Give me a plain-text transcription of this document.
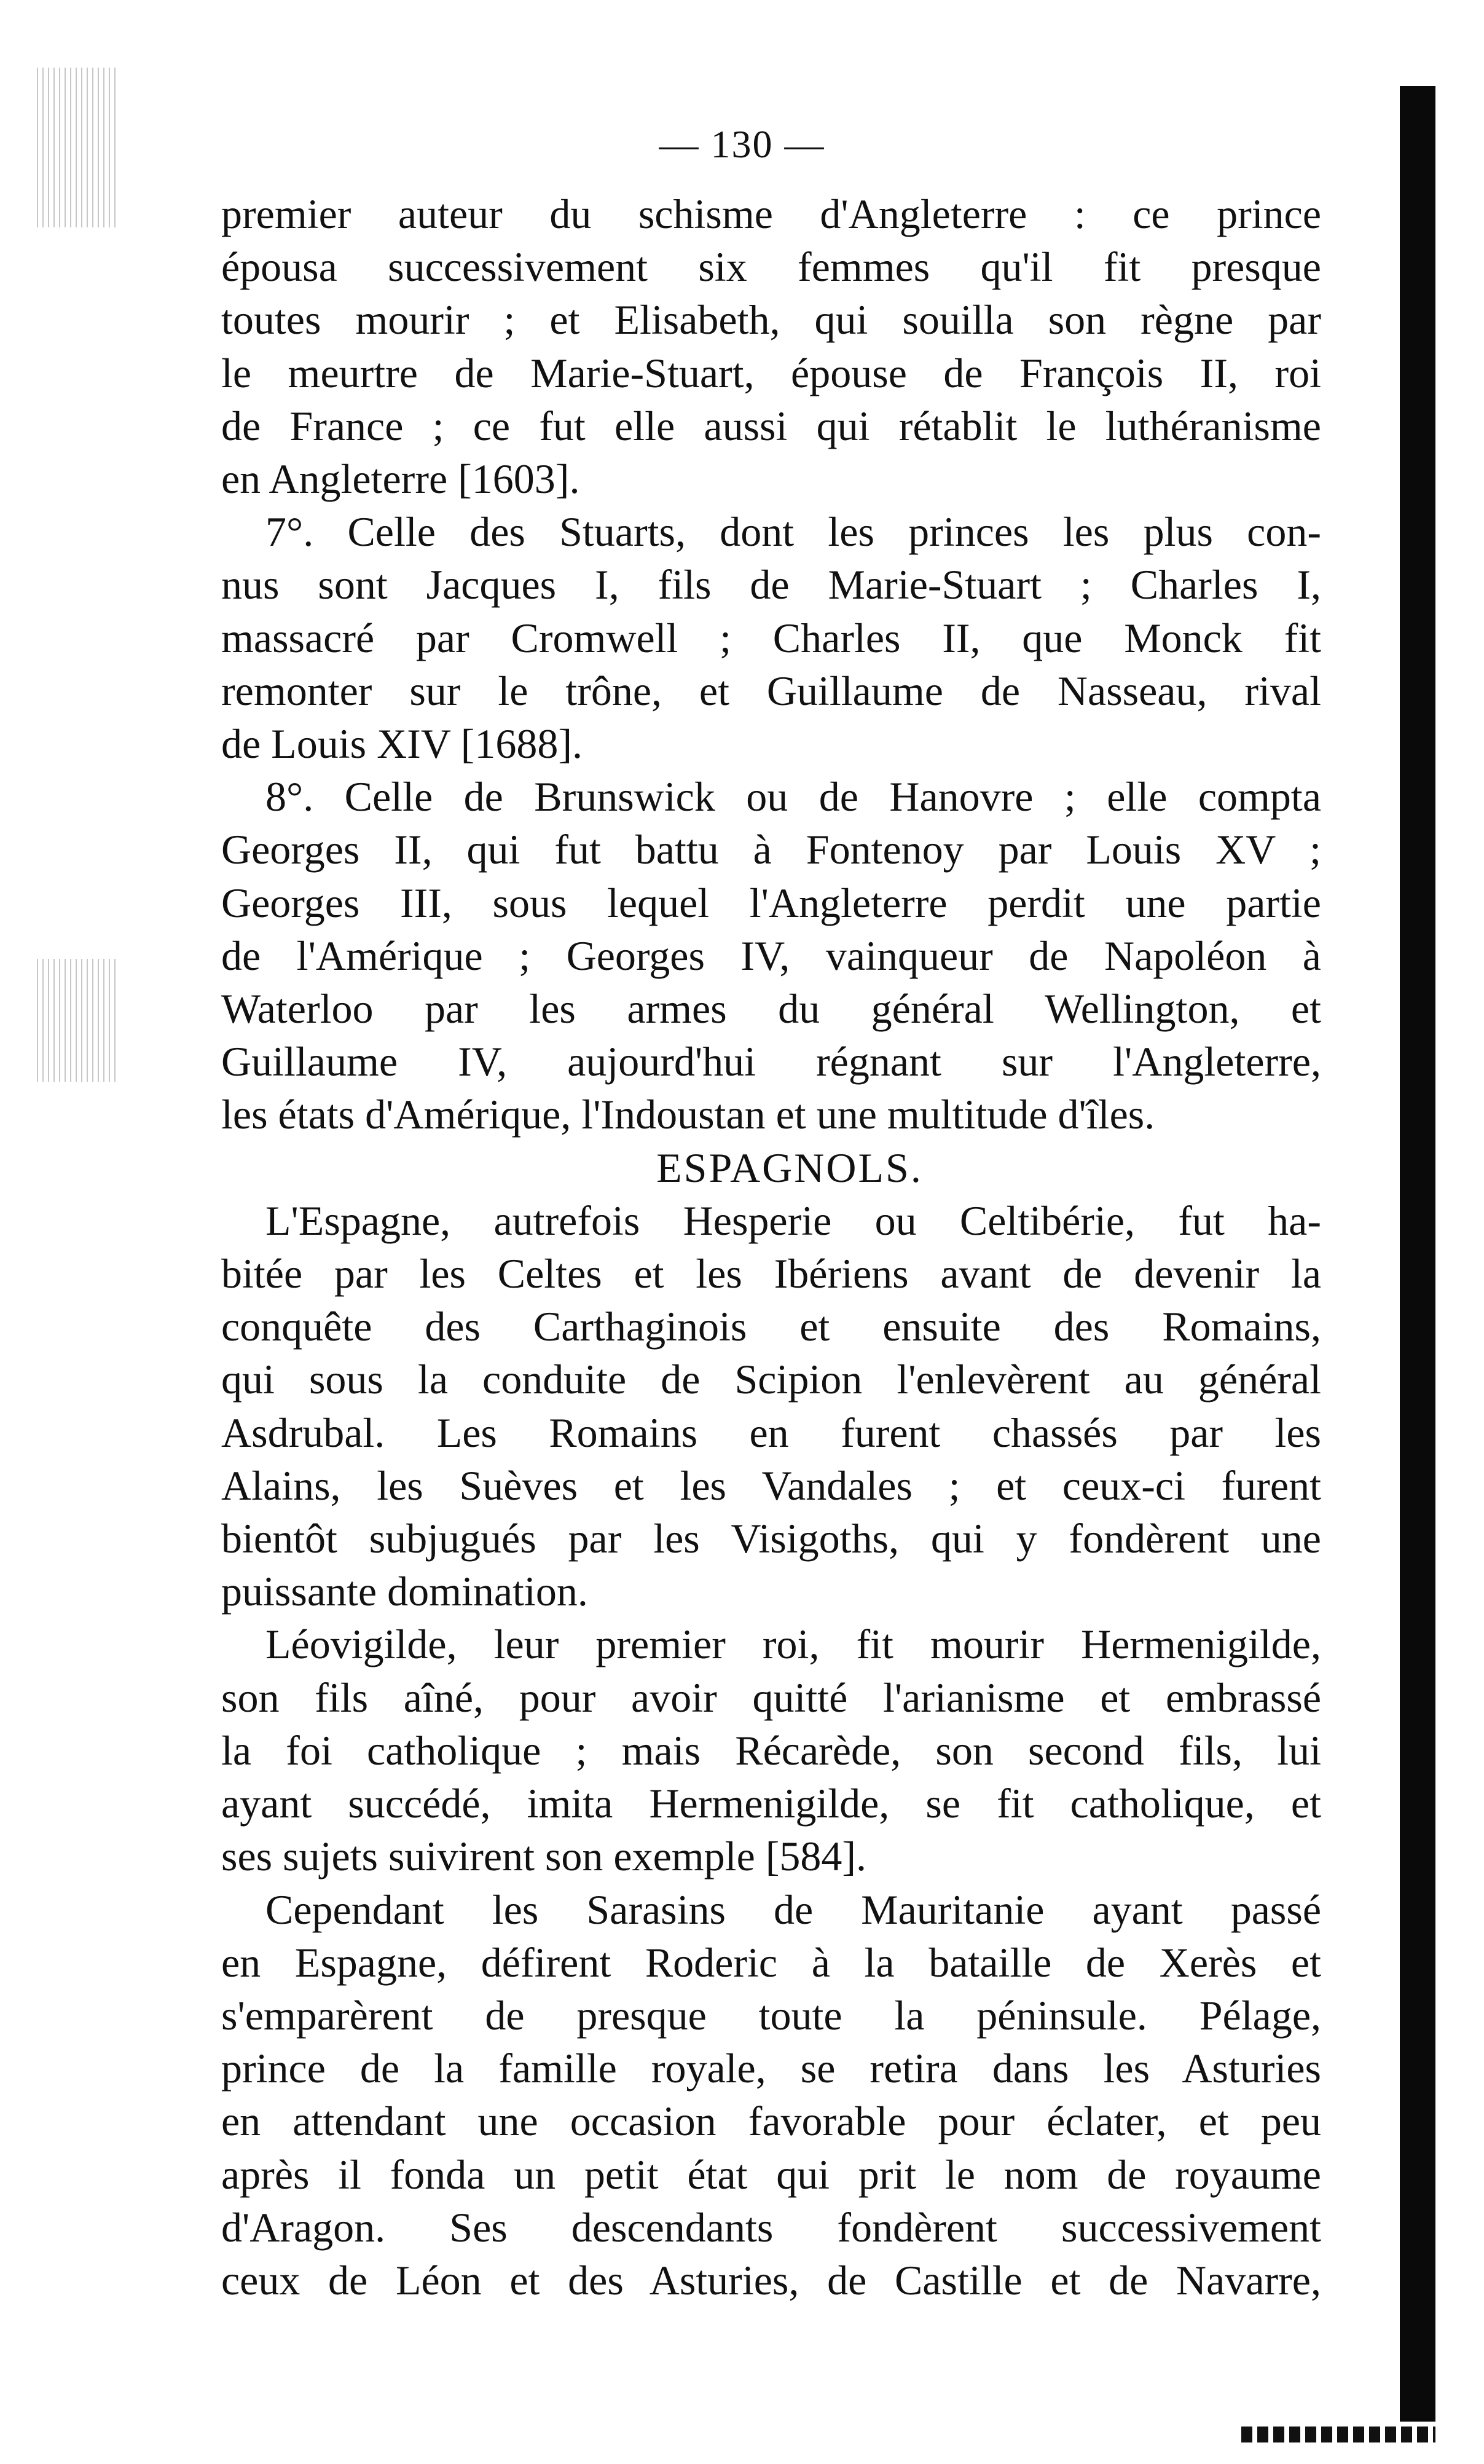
— 130 —
premier auteur du schisme d'Angleterre : ce prince
épousa successivement six femmes qu'il fit presque
toutes mourir ; et Elisabeth, qui souilla son règne par
le meurtre de Marie-Stuart, épouse de François II, roi
de France ; ce fut elle aussi qui rétablit le luthéranisme
en Angleterre [1603].
7°. Celle des Stuarts, dont les princes les plus con-
nus sont Jacques I, fils de Marie-Stuart ; Charles I,
massacré par Cromwell ; Charles II, que Monck fit
remonter sur le trône, et Guillaume de Nasseau, rival
de Louis XIV [1688].
8°. Celle de Brunswick ou de Hanovre ; elle compta
Georges II, qui fut battu à Fontenoy par Louis XV ;
Georges III, sous lequel l'Angleterre perdit une partie
de l'Amérique ; Georges IV, vainqueur de Napoléon à
Waterloo par les armes du général Wellington, et
Guillaume IV, aujourd'hui régnant sur l'Angleterre,
les états d'Amérique, l'Indoustan et une multitude d'îles.
ESPAGNOLS.
L'Espagne, autrefois Hesperie ou Celtibérie, fut ha-
bitée par les Celtes et les Ibériens avant de devenir la
conquête des Carthaginois et ensuite des Romains,
qui sous la conduite de Scipion l'enlevèrent au général
Asdrubal. Les Romains en furent chassés par les
Alains, les Suèves et les Vandales ; et ceux-ci furent
bientôt subjugués par les Visigoths, qui y fondèrent une
puissante domination.
Léovigilde, leur premier roi, fit mourir Hermenigilde,
son fils aîné, pour avoir quitté l'arianisme et embrassé
la foi catholique ; mais Récarède, son second fils, lui
ayant succédé, imita Hermenigilde, se fit catholique, et
ses sujets suivirent son exemple [584].
Cependant les Sarasins de Mauritanie ayant passé
en Espagne, défirent Roderic à la bataille de Xerès et
s'emparèrent de presque toute la péninsule. Pélage,
prince de la famille royale, se retira dans les Asturies
en attendant une occasion favorable pour éclater, et peu
après il fonda un petit état qui prit le nom de royaume
d'Aragon. Ses descendants fondèrent successivement
ceux de Léon et des Asturies, de Castille et de Navarre,
